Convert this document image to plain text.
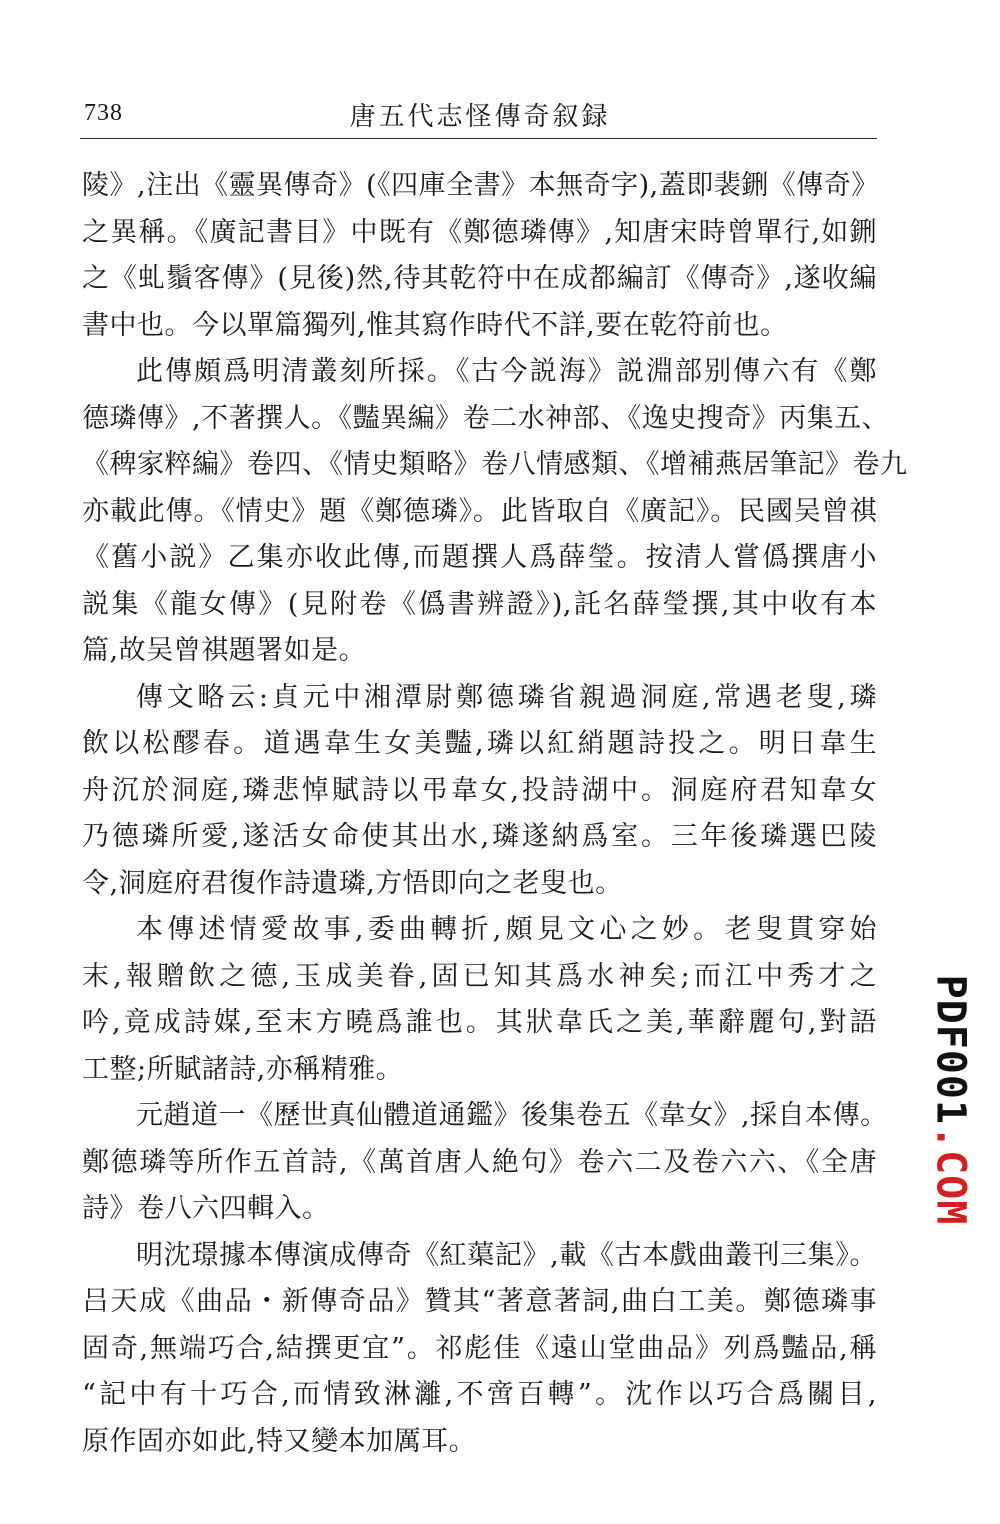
738	唐五代志怪傳奇叙録
陵》,注出《靈異傳奇》(《四庫全書》本無奇字),蓋即裴鉶《傳奇》
之異稱。《廣記書目》中既有《鄭德璘傳》,知唐宋時曾單行,如鉶
之《虬鬚客傳》(見後)然,待其乾符中在成都編訂《傳奇》,遂收編
書中也。今以單篇獨列,惟其寫作時代不詳,要在乾符前也。
此傳頗爲明清叢刻所採。《古今説海》説淵部别傳六有《鄭
德璘傳》,不著撰人。《豔異編》卷二水神部、《逸史搜奇》丙集五、
《稗家粹編》卷四、《情史類略》卷八情感類、《增補燕居筆記》卷九
亦載此傳。《情史》題《鄭德璘》。此皆取自《廣記》。民國吴曾祺
《舊小説》乙集亦收此傳,而題撰人爲薛瑩。按清人嘗僞撰唐小
説集《龍女傳》(見附卷《僞書辨證》),託名薛瑩撰,其中收有本
篇,故吴曾祺題署如是。
傳文略云:貞元中湘潭尉鄭德璘省親過洞庭,常遇老叟,璘
飲以松醪春。道遇韋生女美豔,璘以紅綃題詩投之。明日韋生
舟沉於洞庭,璘悲悼賦詩以弔韋女,投詩湖中。洞庭府君知韋女
乃德璘所愛,遂活女命使其出水,璘遂納爲室。三年後璘選巴陵
令,洞庭府君復作詩遺璘,方悟即向之老叟也。
本傳述情愛故事,委曲轉折,頗見文心之妙。老叟貫穿始
末,報贈飲之德,玉成美眷,固已知其爲水神矣;而江中秀才之
吟,竟成詩媒,至末方曉爲誰也。其狀韋氏之美,華辭麗句,對語
工整;所賦諸詩,亦稱精雅。
元趙道一《歷世真仙體道通鑑》後集卷五《韋女》,採自本傳。
鄭德璘等所作五首詩,《萬首唐人絶句》卷六二及卷六六、《全唐
詩》卷八六四輯入。
明沈璟據本傳演成傳奇《紅蕖記》,載《古本戲曲叢刊三集》。
吕天成《曲品・新傳奇品》贊其“著意著詞,曲白工美。鄭德璘事
固奇,無端巧合,結撰更宜”。祁彪佳《遠山堂曲品》列爲豔品,稱
“記中有十巧合,而情致淋灕,不啻百轉”。沈作以巧合爲關目,
原作固亦如此,特又變本加厲耳。
PDF001.COM
